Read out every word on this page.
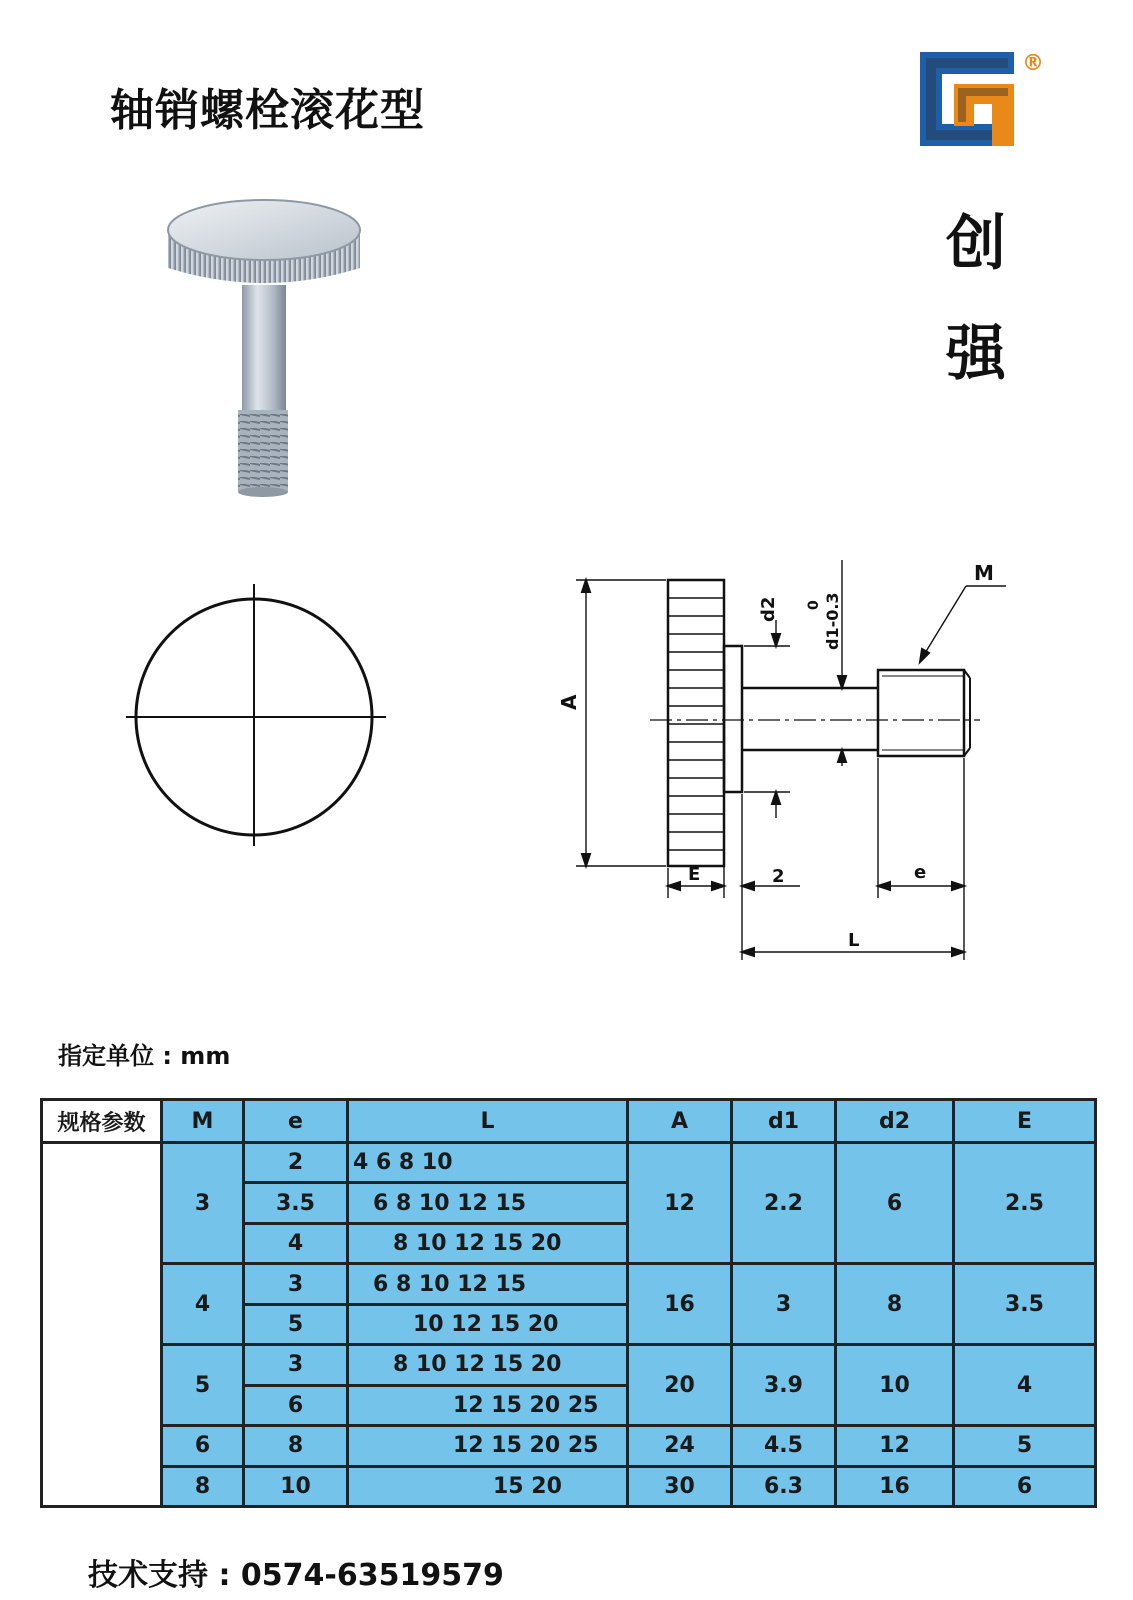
轴销螺栓滚花型
®
创
强
A
d2 0 d1-0.3
M
E	2	e
L
指定单位 : mm
规格参数	M	e	L	A	d1	d2	E
	3	2	4 6 8 10	12	2.2	6	2.5
		3.5	6 8 10 12 15				
		4	8 10 12 15 20				
	4	3	6 8 10 12 15	16	3	8	3.5
		5	10 12 15 20				
	5	3	8 10 12 15 20	20	3.9	10	4
		6	12 15 20 25				
	6	8	12 15 20 25	24	4.5	12	5
	8	10	15 20	30	6.3	16	6
技术支持 : 0574-63519579
